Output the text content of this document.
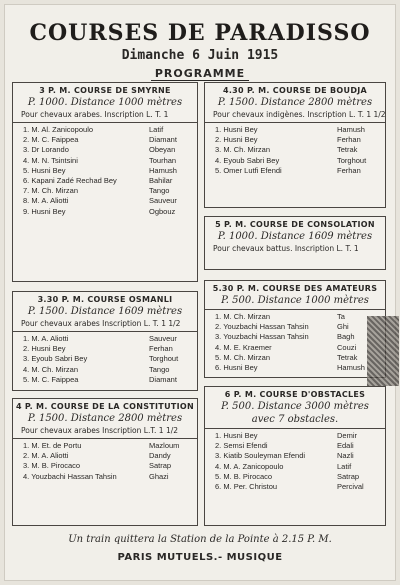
COURSES DE PARADISSO
Dimanche 6 Juin 1915
PROGRAMME
3 P. M. COURSE DE SMYRNE
P. 1000. Distance 1000 mètres
Pour chevaux arabes. Inscription L. T. 1
1. M. Al. Zanicopoulo	Latif
2. M. C. Faippea	Diamant
3. Dr Lorando	Obeyan
4. M. N. Tsintsini	Tourhan
5. Husni Bey	Hamush
6. Kapani Zadé Rechad Bey	Bahilar
7. M. Ch. Mirzan	Tango
8. M. A. Aliotti	Sauveur
9. Husni Bey	Ogbouz
3.30 P. M. COURSE OSMANLI
P. 1500. Distance 1609 mètres
Pour chevaux arabes Inscription L. T. 1 1/2
1. M. A. Aliotti	Sauveur
2. Husni Bey	Ferhan
3. Eyoub Sabri Bey	Torghout
4. M. Ch. Mirzan	Tango
5. M. C. Faippea	Diamant
4 P. M. COURSE DE LA CONSTITUTION
P. 1500. Distance 2800 mètres
Pour chevaux arabes Inscription L.T. 1 1/2
1. M. Et. de Portu	Mazloum
2. M. A. Aliotti	Dandy
3. M. B. Pirocaco	Satrap
4. Youzbachi Hassan Tahsin	Ghazi
4.30 P. M. COURSE DE BOUDJA
P. 1500. Distance 2800 mètres
Pour chevaux indigènes. Inscription L. T. 1 1/2
1. Husni Bey	Hamush
2. Husni Bey	Ferhan
3. M. Ch. Mirzan	Tetrak
4. Eyoub Sabri Bey	Torghout
5. Omer Lutfi Efendi	Ferhan
5 P. M. COURSE DE CONSOLATION
P. 1000. Distance 1609 mètres
Pour chevaux battus. Inscription L. T. 1
5.30 P. M. COURSE DES AMATEURS
P. 500. Distance 1000 mètres
1. M. Ch. Mirzan	Ta
2. Youzbachi Hassan Tahsin	Ghi
3. Youzbachi Hassan Tahsin	Bagh
4. M. E. Kraemer	Couzi
5. M. Ch. Mirzan	Tetrak
6. Husni Bey	Hamush
6 P. M. COURSE D'OBSTACLES
P. 500. Distance 3000 mètres
avec 7 obstacles.
1. Husni Bey	Demir
2. Semsi Efendi	Edali
3. Kiatib Souleyman Efendi	Nazli
4. M. A. Zanicopoulo	Latif
5. M. B. Pirocaco	Satrap
6. M. Per. Christou	Percival
Un train quittera la Station de la Pointe à 2.15 P. M.
PARIS MUTUELS.- MUSIQUE
